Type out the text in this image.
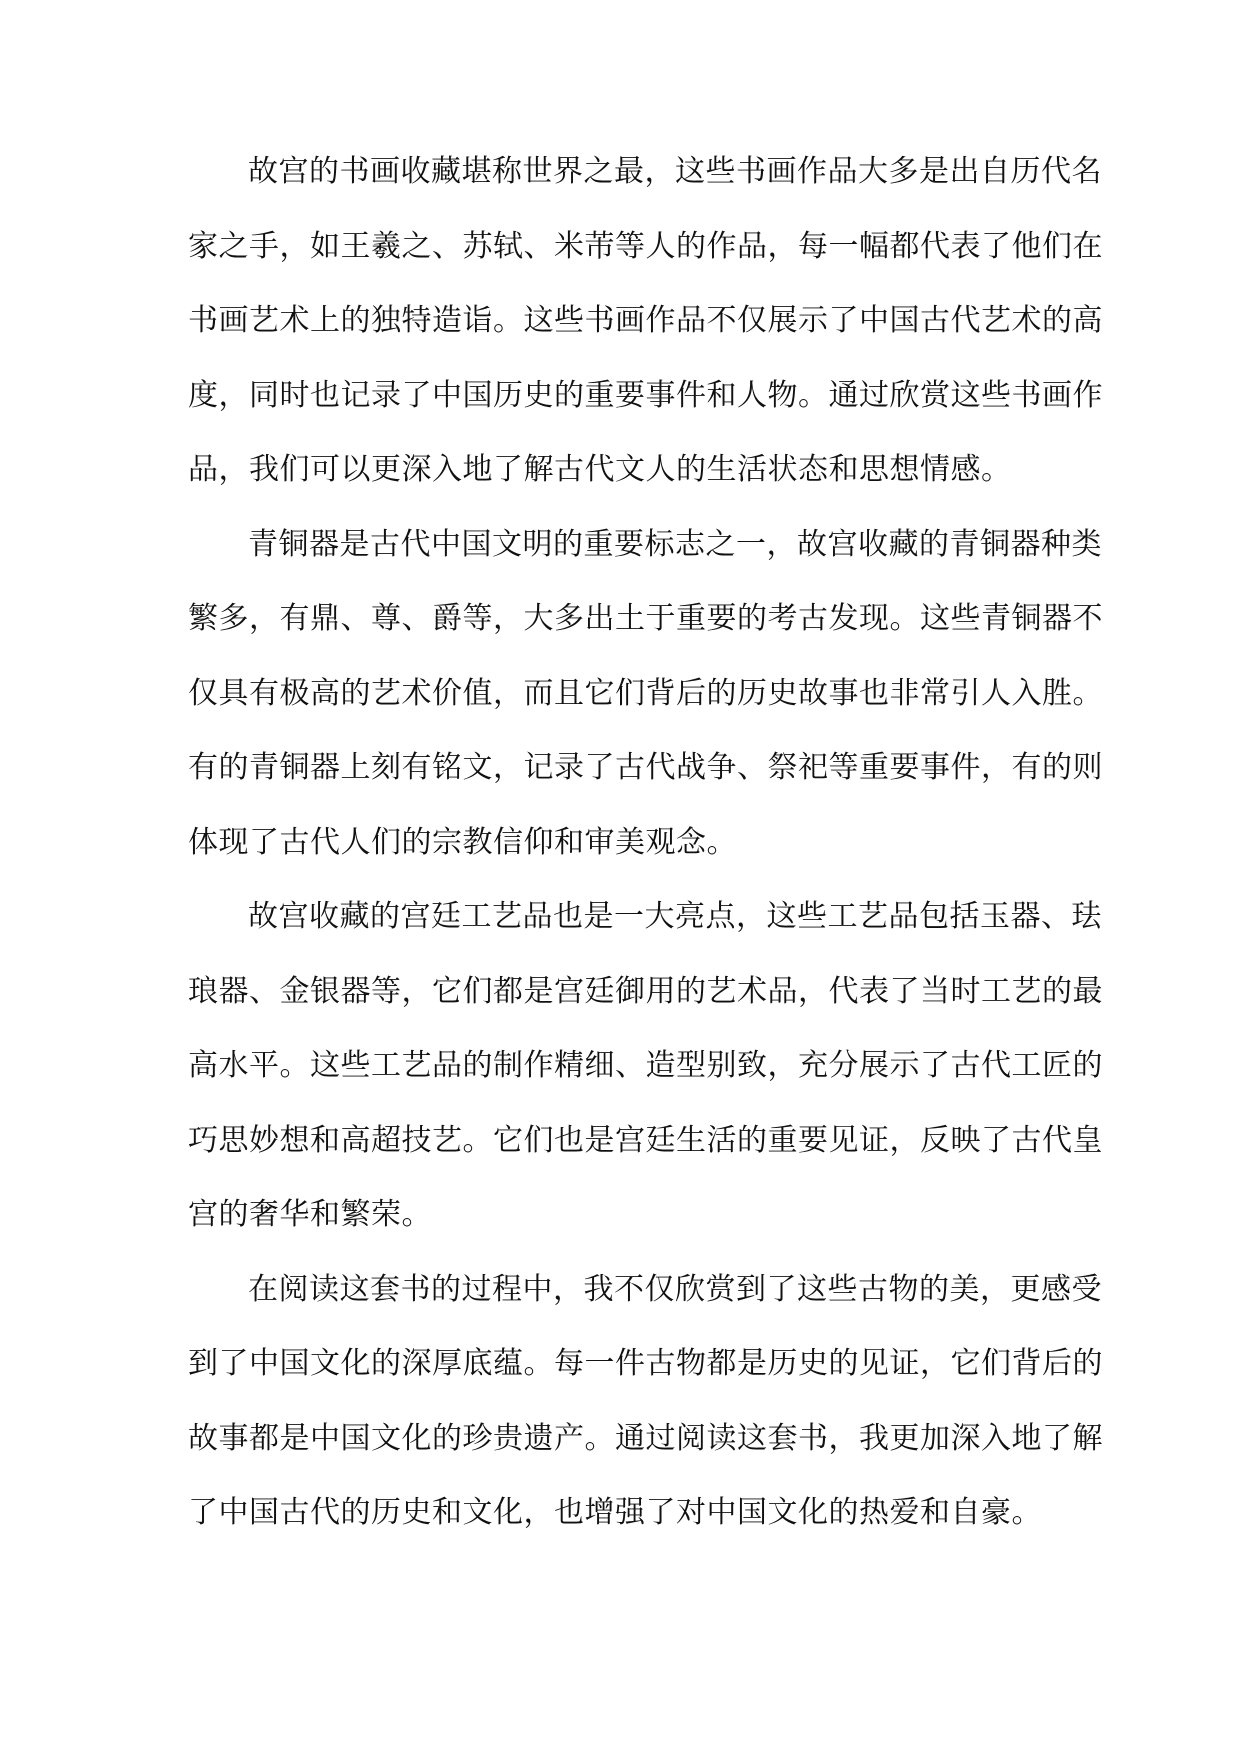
故宫的书画收藏堪称世界之最，这些书画作品大多是出自历代名
家之手，如王羲之、苏轼、米芾等人的作品，每一幅都代表了他们在
书画艺术上的独特造诣。这些书画作品不仅展示了中国古代艺术的高
度，同时也记录了中国历史的重要事件和人物。通过欣赏这些书画作
品，我们可以更深入地了解古代文人的生活状态和思想情感。
青铜器是古代中国文明的重要标志之一，故宫收藏的青铜器种类
繁多，有鼎、尊、爵等，大多出土于重要的考古发现。这些青铜器不
仅具有极高的艺术价值，而且它们背后的历史故事也非常引人入胜。
有的青铜器上刻有铭文，记录了古代战争、祭祀等重要事件，有的则
体现了古代人们的宗教信仰和审美观念。
故宫收藏的宫廷工艺品也是一大亮点，这些工艺品包括玉器、珐
琅器、金银器等，它们都是宫廷御用的艺术品，代表了当时工艺的最
高水平。这些工艺品的制作精细、造型别致，充分展示了古代工匠的
巧思妙想和高超技艺。它们也是宫廷生活的重要见证，反映了古代皇
宫的奢华和繁荣。
在阅读这套书的过程中，我不仅欣赏到了这些古物的美，更感受
到了中国文化的深厚底蕴。每一件古物都是历史的见证，它们背后的
故事都是中国文化的珍贵遗产。通过阅读这套书，我更加深入地了解
了中国古代的历史和文化，也增强了对中国文化的热爱和自豪。
